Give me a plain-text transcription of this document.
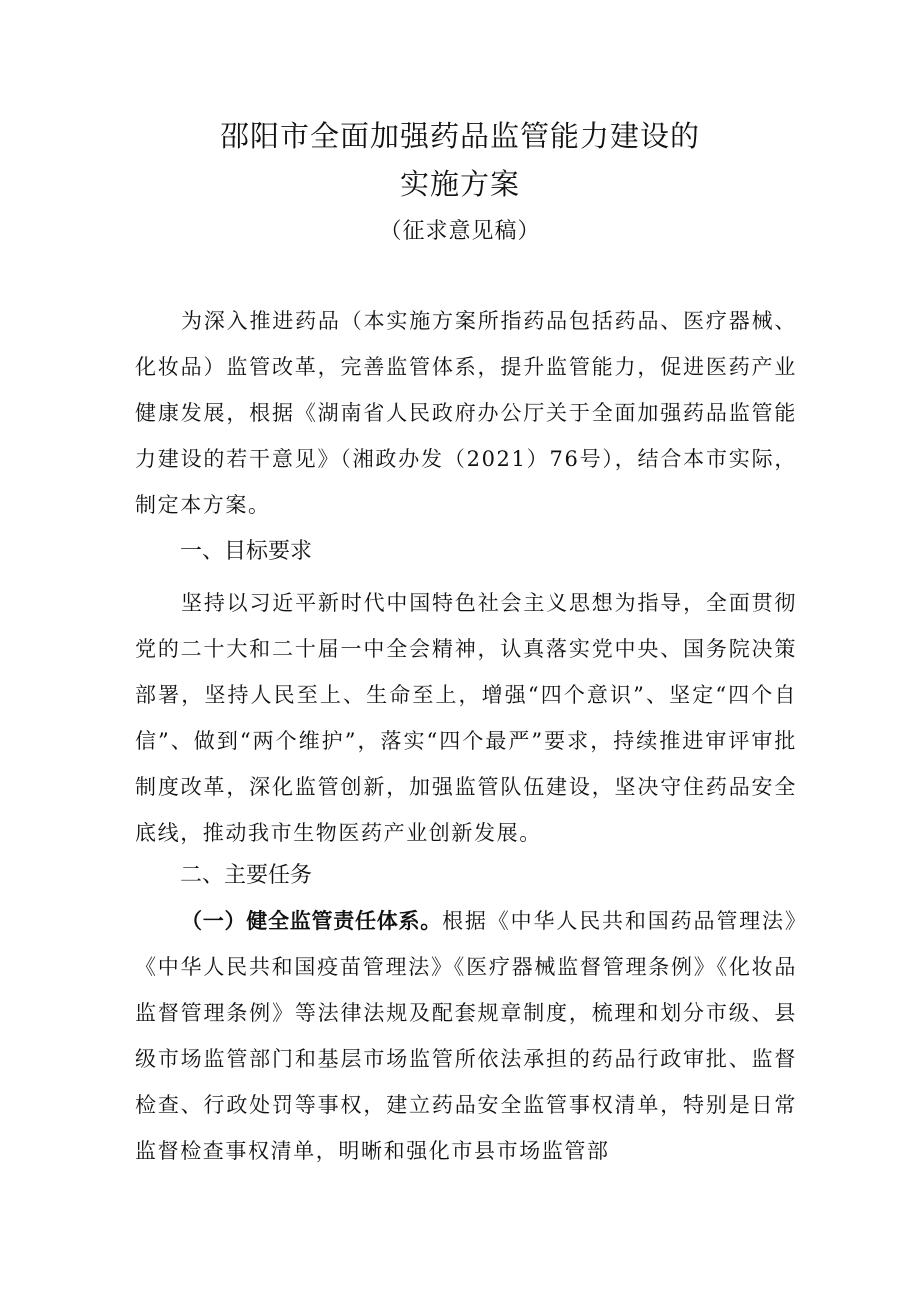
邵阳市全面加强药品监管能力建设的
实施方案
（征求意见稿）
为深入推进药品（本实施方案所指药品包括药品、医疗器械、化妆品）监管改革，完善监管体系，提升监管能力，促进医药产业健康发展，根据《湖南省人民政府办公厅关于全面加强药品监管能力建设的若干意见》（湘政办发（2021）76号），结合本市实际，制定本方案。
一、目标要求
坚持以习近平新时代中国特色社会主义思想为指导，全面贯彻党的二十大和二十届一中全会精神，认真落实党中央、国务院决策部署，坚持人民至上、生命至上，增强“四个意识”、坚定“四个自信”、做到“两个维护”，落实“四个最严”要求，持续推进审评审批制度改革，深化监管创新，加强监管队伍建设，坚决守住药品安全底线，推动我市生物医药产业创新发展。
二、主要任务
（一）健全监管责任体系。根据《中华人民共和国药品管理法》《中华人民共和国疫苗管理法》《医疗器械监督管理条例》《化妆品监督管理条例》等法律法规及配套规章制度，梳理和划分市级、县级市场监管部门和基层市场监管所依法承担的药品行政审批、监督检查、行政处罚等事权，建立药品安全监管事权清单，特别是日常监督检查事权清单，明晰和强化市县市场监管部
